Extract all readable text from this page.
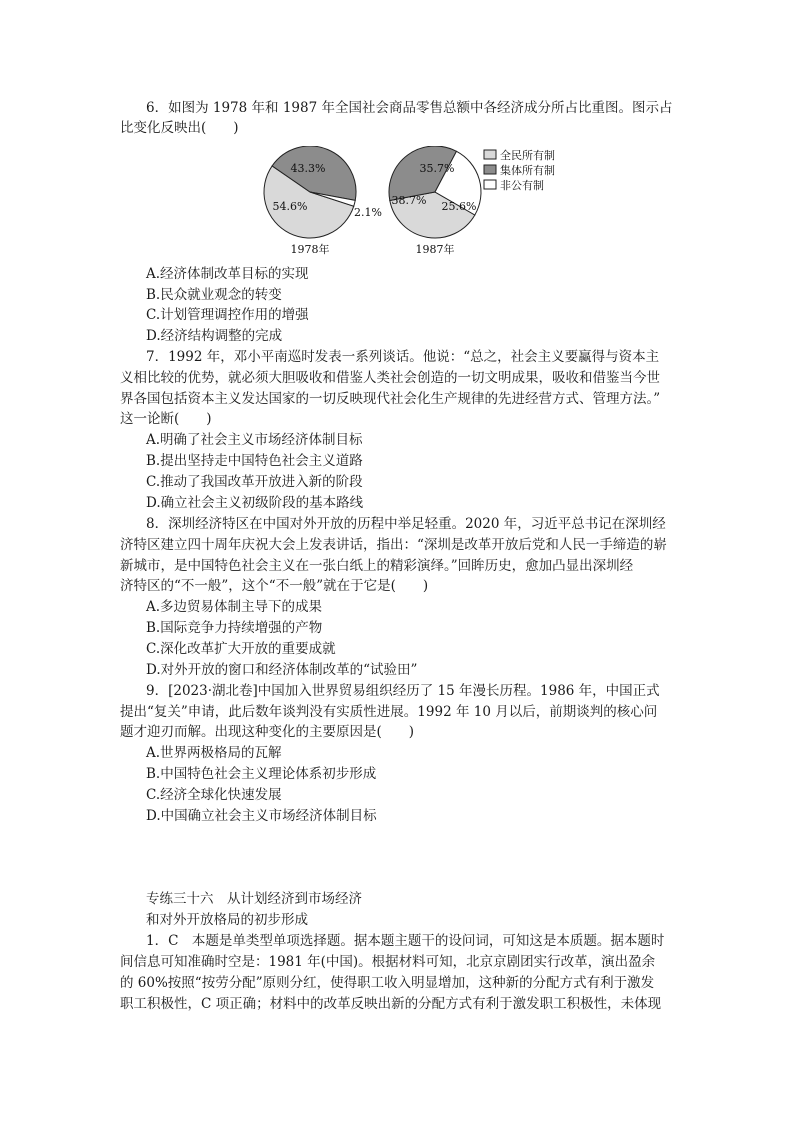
6．如图为 1978 年和 1987 年全国社会商品零售总额中各经济成分所占比重图。图示占
比变化反映出(　　)
54.6%
43.3%
2.1%
38.7%
35.7%
25.6%
1978年	1987年
全民所有制
集体所有制
非公有制
A.经济体制改革目标的实现
B.民众就业观念的转变
C.计划管理调控作用的增强
D.经济结构调整的完成
7．1992 年，邓小平南巡时发表一系列谈话。他说：“总之，社会主义要赢得与资本主
义相比较的优势，就必须大胆吸收和借鉴人类社会创造的一切文明成果，吸收和借鉴当今世
界各国包括资本主义发达国家的一切反映现代社会化生产规律的先进经营方式、管理方法。”
这一论断(　　)
A.明确了社会主义市场经济体制目标
B.提出坚持走中国特色社会主义道路
C.推动了我国改革开放进入新的阶段
D.确立社会主义初级阶段的基本路线
8．深圳经济特区在中国对外开放的历程中举足轻重。2020 年，习近平总书记在深圳经
济特区建立四十周年庆祝大会上发表讲话，指出：“深圳是改革开放后党和人民一手缔造的崭
新城市，是中国特色社会主义在一张白纸上的精彩演绎。”回眸历史，愈加凸显出深圳经
济特区的“不一般”，这个“不一般”就在于它是(　　)
A.多边贸易体制主导下的成果
B.国际竞争力持续增强的产物
C.深化改革扩大开放的重要成就
D.对外开放的窗口和经济体制改革的“试验田”
9．[2023·湖北卷]中国加入世界贸易组织经历了 15 年漫长历程。1986 年，中国正式
提出“复关”申请，此后数年谈判没有实质性进展。1992 年 10 月以后，前期谈判的核心问
题才迎刃而解。出现这种变化的主要原因是(　　)
A.世界两极格局的瓦解
B.中国特色社会主义理论体系初步形成
C.经济全球化快速发展
D.中国确立社会主义市场经济体制目标
专练三十六　从计划经济到市场经济
和对外开放格局的初步形成
1．C　本题是单类型单项选择题。据本题主题干的设问词，可知这是本质题。据本题时
间信息可知准确时空是：1981 年(中国)。根据材料可知，北京京剧团实行改革，演出盈余
的 60%按照“按劳分配”原则分红，使得职工收入明显增加，这种新的分配方式有利于激发
职工积极性，C 项正确；材料中的改革反映出新的分配方式有利于激发职工积极性，未体现
